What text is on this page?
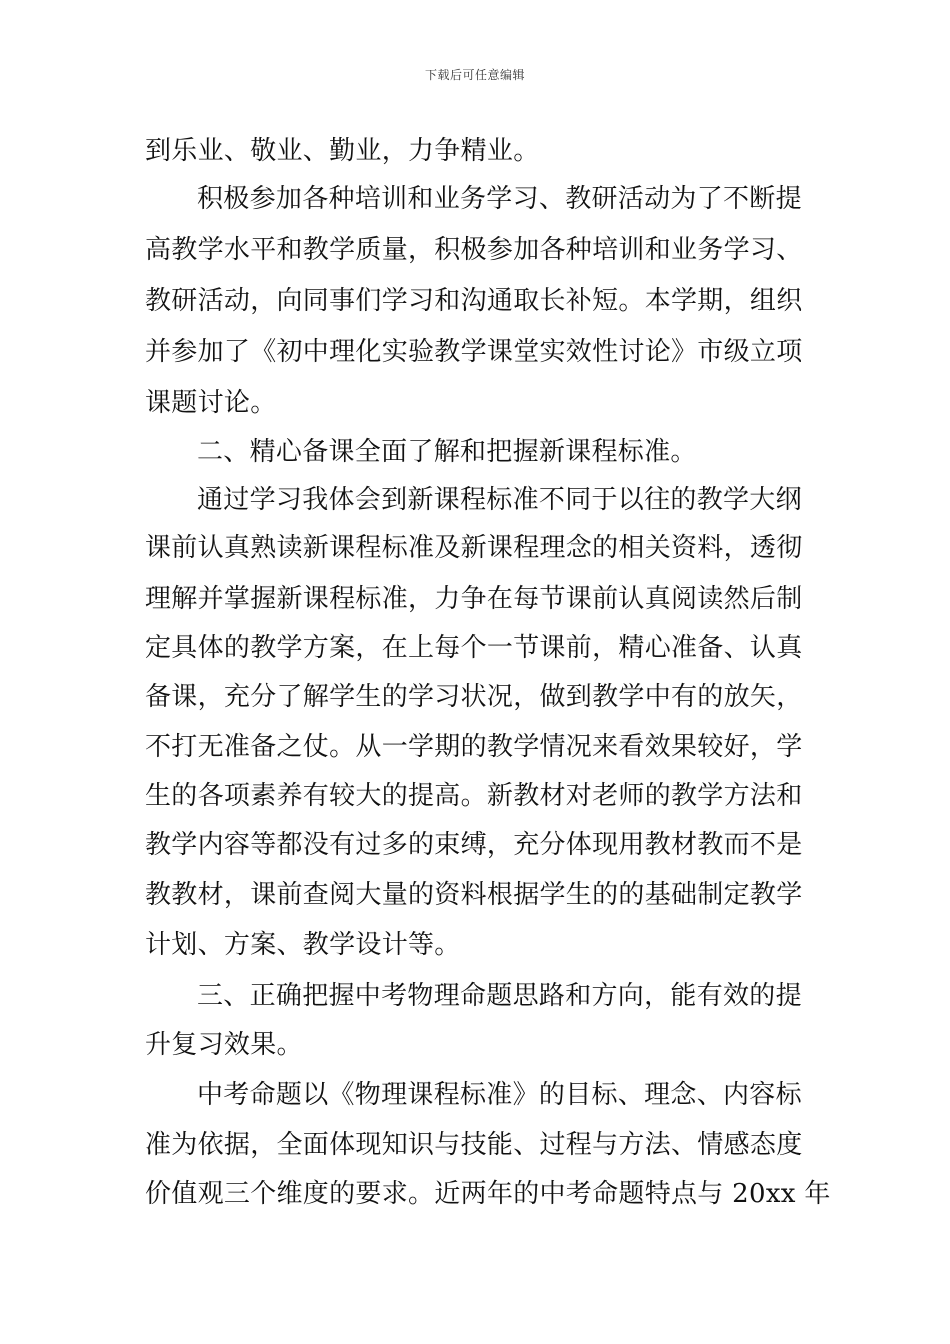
下载后可任意编辑
到乐业、敬业、勤业，力争精业。
积极参加各种培训和业务学习、教研活动为了不断提
高教学水平和教学质量，积极参加各种培训和业务学习、
教研活动，向同事们学习和沟通取长补短。本学期，组织
并参加了《初中理化实验教学课堂实效性讨论》市级立项
课题讨论。
二、精心备课全面了解和把握新课程标准。
通过学习我体会到新课程标准不同于以往的教学大纲
课前认真熟读新课程标准及新课程理念的相关资料，透彻
理解并掌握新课程标准，力争在每节课前认真阅读然后制
定具体的教学方案，在上每个一节课前，精心准备、认真
备课，充分了解学生的学习状况，做到教学中有的放矢，
不打无准备之仗。从一学期的教学情况来看效果较好，学
生的各项素养有较大的提高。新教材对老师的教学方法和
教学内容等都没有过多的束缚，充分体现用教材教而不是
教教材，课前查阅大量的资料根据学生的的基础制定教学
计划、方案、教学设计等。
三、正确把握中考物理命题思路和方向，能有效的提
升复习效果。
中考命题以《物理课程标准》的目标、理念、内容标
准为依据，全面体现知识与技能、过程与方法、情感态度
价值观三个维度的要求。近两年的中考命题特点与 20xx 年
